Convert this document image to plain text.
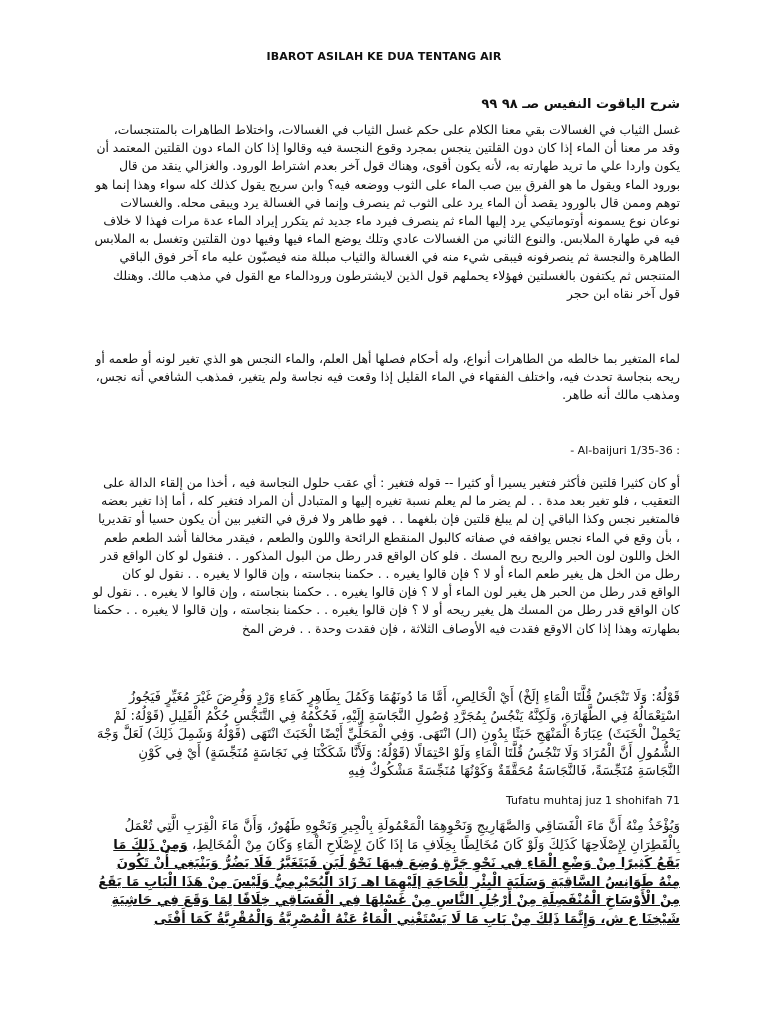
IBAROT ASILAH KE DUA TENTANG AIR
شرح الياقوت النفيس صـ ٩٨ ٩٩
غسل الثياب في الغسالات بقي معنا الكلام على حكم غسل الثياب في الغسالات، واختلاط الطاهرات بالمتنجسات، وقد مر معنا أن الماء إذا كان دون القلتين ينجس بمجرد وقوع النجسة فيه وقالوا إذا كان الماء دون القلتين المعتمد أن يكون واردا علي ما تريد طهارته به، لأنه يكون أقوى، وهناك قول آخر بعدم اشتراط الورود. والغزالي ينقد من قال بورود الماء ويقول ما هو الفرق بين صب الماء على الثوب ووضعه فيه؟ وابن سريج يقول كذلك كله سواء وهذا إنما هو توهم وممن قال بالورود يقصد أن الماء يرد على الثوب ثم ينصرف وإنما في الغسالة يرد ويبقى محله. والغسالات نوعان نوع يسمونه أوتوماتيكي يرد إليها الماء ثم ينصرف فيرد ماء جديد ثم يتكرر إيراد الماء عدة مرات فهذا لا خلاف فيه في طهارة الملابس. والنوع الثاني من الغسالات عادي وتلك يوضع الماء فيها وفيها دون القلتين وتغسل به الملابس الطاهرة والنجسة ثم ينصرفونه فيبقى شيء منه في الغسالة والثياب مبللة منه فيصبّون عليه ماء آخر فوق الباقي المتنجس ثم يكتفون بالغسلتين فهؤلاء يحملهم قول الذين لايشترطون ورودالماء مع القول في مذهب مالك. وهنلك قول آخر نقاه ابن حجر
لماء المتغير بما خالطه من الطاهرات أنواع، وله أحكام فصلها أهل العلم، والماء النجس هو الذي تغير لونه أو طعمه أو ريحه بنجاسة تحدث فيه، واختلف الفقهاء في الماء القليل إذا وقعت فيه نجاسة ولم يتغير، فمذهب الشافعي أنه نجس، ومذهب مالك أنه طاهر.
- Al-baijuri 1/35-36 :
أو كان كثيرا قلتين فأكثر فتغير يسيرا أو كثيرا -- قوله فتغير : أي عقب حلول النجاسة فيه ، أخذا من إلقاء الدالة على التعقيب ، فلو تغير بعد مدة . . لم يضر ما لم يعلم نسبة تغيره إليها و المتبادل أن المراد فتغير كله ، أما إذا تغير بعضه فالمتغير نجس وكذا الباقي إن لم يبلغ قلتين فإن بلغهما . . فهو طاهر ولا فرق في التغير بين أن يكون حسيا أو تقديريا ، بأن وقع في الماء نجس يوافقه في صفاته كالبول المنقطع الرائحة واللون والطعم ، فيقدر مخالفا أشد الطعم طعم الخل واللون لون الحبر والريح ريح المسك . فلو كان الواقع قدر رطل من البول المذكور . . فنقول لو كان الواقع قدر رطل من الخل هل يغير طعم الماء أو لا ؟ فإن قالوا يغيره . . حكمنا بنجاسته ، وإن قالوا لا يغيره . . نقول لو كان الواقع قدر رطل من الحبر هل يغير لون الماء أو لا ؟ فإن قالوا يغيره . . حكمنا بنجاسته ، وإن قالوا لا يغيره . . نقول لو كان الواقع قدر رطل من المسك هل يغير ريحه أو لا ؟ فإن قالوا يغيره . . حكمنا بنجاسته ، وإن قالوا لا يغيره . . حكمنا بطهارته وهذا إذا كان الاوقع فقدت فيه الأوصاف الثلاثة ، فإن فقدت وحدة . . فرض المخ
قَوْلُهُ: وَلَا تَنْجَسُ قُلَّتَا الْمَاءِ إلَخْ) أَيْ الْخَالِصِ، أَمَّا مَا دُونَهُمَا وَكَمُلَ بِطَاهِرٍ كَمَاءِ وَرْدٍ وَفُرِضَ غَيْرَ مُغَيِّرٍ فَيَجُوزُ اسْتِعْمَالُهُ فِي الطَّهَارَةِ، وَلَكِنَّهُ يَنْجُسُ بِمُجَرَّدِ وُصُولِ النَّجَاسَةِ إلَيْهِ، فَحُكْمُهُ فِي التَّنَجُّسِ حُكْمُ الْقَلِيلِ (قَوْلُهُ: لَمْ يَحْمِلْ الْخَبَثَ) عِبَارَةُ الْمَنْهَجِ خَبَثًا بِدُونِ (الـ) انْتَهَى. وَفِي الْمَحَلِّيِّ أَيْضًا الْخَبَثَ انْتَهَى (قَوْلُهُ وَشَمِلَ ذَلِكَ) لَعَلَّ وَجْهَ الشُّمُولِ أَنَّ الْمُرَادَ وَلَا تَنْجُسُ قُلَّتَا الْمَاءِ وَلَوْ احْتِمَالًا (قَوْلُهُ: وَلَأَنَّا شَكَكْنَا فِي نَجَاسَةٍ مُنَجِّسَةٍ) أَيْ فِي كَوْنِ النَّجَاسَةِ مُنَجِّسَةً، فَالنَّجَاسَةُ مُحَقَّقَةٌ وَكَوْنُهَا مُنَجِّسَةً مَشْكُوكٌ فِيهِ
Tufatu muhtaj juz 1 shohifah 71
وَيُؤْخَذُ مِنْهُ أَنَّ مَاءَ الْفَسَاقِي وَالصَّهَارِيجِ وَنَحْوِهِمَا الْمَعْمُولَةِ بِالْجِيرِ وَنَحْوِهِ طَهُورٌ، وَأَنَّ مَاءَ الْقِرَبِ الَّتِي تُعْمَلُ بِالْقَطِرَانِ لِإِصْلَاحِهَا كَذَلِكَ وَلَوْ كَانَ مُخَالِطًا بِخِلَافِ مَا إذَا كَانَ لِإِصْلَاحِ الْمَاءِ وَكَانَ مِنْ الْمُخَالِطِ، وَمِنْ ذَلِكَ مَا يَقَعُ كَثِيرًا مِنْ وَضْعِ الْمَاءِ فِي نَحْوِ جَرَّةٍ وُضِعَ فِيهَا نَحْوُ لَبَنٍ فَيَتَغَيَّرُ فَلَا يَضُرُّ وَيَنْبَغِي أَنْ تَكُونَ مِنْهُ طَوَانِسُ السَّاقِيَةِ وَسَلَبَةِ الْبِئْرِ لِلْحَاجَةِ إلَيْهِمَا اهـ زَادَ الْبُحَيْرِمِيُّ وَلَيْسَ مِنْ هَذَا الْبَابِ مَا يَقَعُ مِنْ الْأَوْسَاخِ الْمُنْفَصِلَةِ مِنْ أَرْجُلِ النَّاسِ مِنْ غَسْلِهَا فِي الْفَسَاقِي خِلَافًا لِمَا وَقَعَ فِي حَاشِيَةِ شَيْخِنَا ع ش، وَإِنَّمَا ذَلِكَ مِنْ بَابِ مَا لَا يَسْتَغْنِي الْمَاءُ عَنْهُ الْمُصْرِيَّةُ وَالْمُقْرِيَّةُ كَمَا أَفْتَى
